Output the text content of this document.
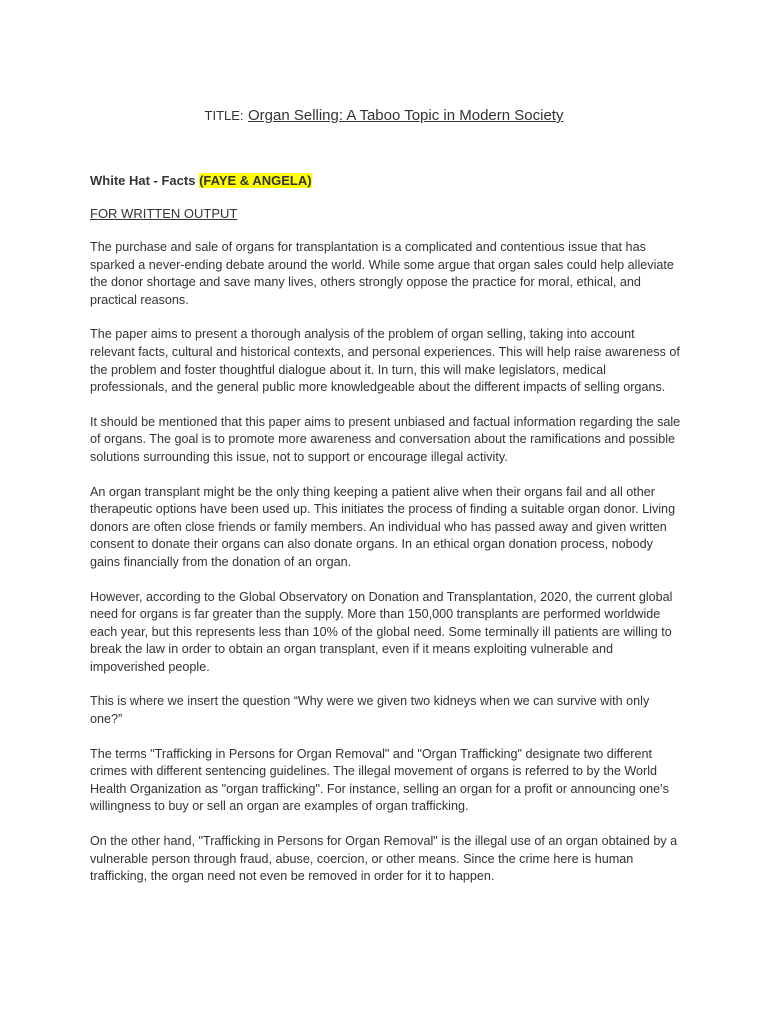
TITLE: Organ Selling: A Taboo Topic in Modern Society
White Hat - Facts (FAYE & ANGELA)
FOR WRITTEN OUTPUT

The purchase and sale of organs for transplantation is a complicated and contentious issue that has sparked a never-ending debate around the world. While some argue that organ sales could help alleviate the donor shortage and save many lives, others strongly oppose the practice for moral, ethical, and practical reasons.

The paper aims to present a thorough analysis of the problem of organ selling, taking into account relevant facts, cultural and historical contexts, and personal experiences. This will help raise awareness of the problem and foster thoughtful dialogue about it. In turn, this will make legislators, medical professionals, and the general public more knowledgeable about the different impacts of selling organs.

It should be mentioned that this paper aims to present unbiased and factual information regarding the sale of organs. The goal is to promote more awareness and conversation about the ramifications and possible solutions surrounding this issue, not to support or encourage illegal activity.

An organ transplant might be the only thing keeping a patient alive when their organs fail and all other therapeutic options have been used up. This initiates the process of finding a suitable organ donor. Living donors are often close friends or family members. An individual who has passed away and given written consent to donate their organs can also donate organs. In an ethical organ donation process, nobody gains financially from the donation of an organ.

However, according to the Global Observatory on Donation and Transplantation, 2020, the current global need for organs is far greater than the supply. More than 150,000 transplants are performed worldwide each year, but this represents less than 10% of the global need. Some terminally ill patients are willing to break the law in order to obtain an organ transplant, even if it means exploiting vulnerable and impoverished people.

This is where we insert the question “Why were we given two kidneys when we can survive with only one?”

The terms "Trafficking in Persons for Organ Removal" and "Organ Trafficking" designate two different crimes with different sentencing guidelines. The illegal movement of organs is referred to by the World Health Organization as "organ trafficking". For instance, selling an organ for a profit or announcing one's willingness to buy or sell an organ are examples of organ trafficking.

On the other hand, "Trafficking in Persons for Organ Removal" is the illegal use of an organ obtained by a vulnerable person through fraud, abuse, coercion, or other means. Since the crime here is human trafficking, the organ need not even be removed in order for it to happen.
